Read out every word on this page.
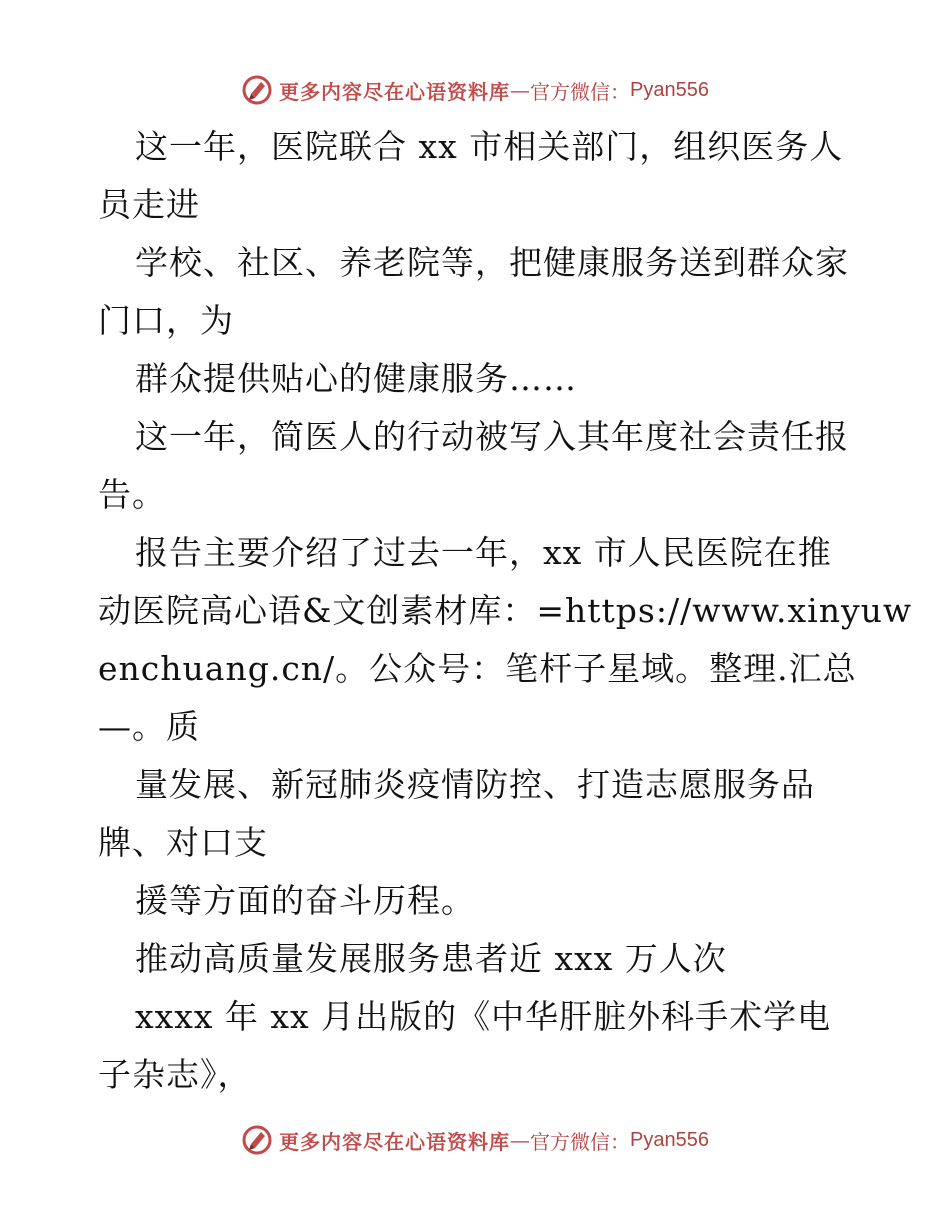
更多内容尽在心语资料库 — 官方微信： Pyan556
这一年，医院联合 xx 市相关部门，组织医务人
员走进
学校、社区、养老院等，把健康服务送到群众家
门口，为
群众提供贴心的健康服务……
这一年，简医人的行动被写入其年度社会责任报
告。
报告主要介绍了过去一年，xx 市人民医院在推
动医院高心语&文创素材库：=https://www.xinyuw
enchuang.cn/。公众号：笔杆子星域。整理.汇总
—。质
量发展、新冠肺炎疫情防控、打造志愿服务品
牌、对口支
援等方面的奋斗历程。
推动高质量发展服务患者近 xxx 万人次
xxxx 年 xx 月出版的《中华肝脏外科手术学电
子杂志》，
更多内容尽在心语资料库 — 官方微信： Pyan556
